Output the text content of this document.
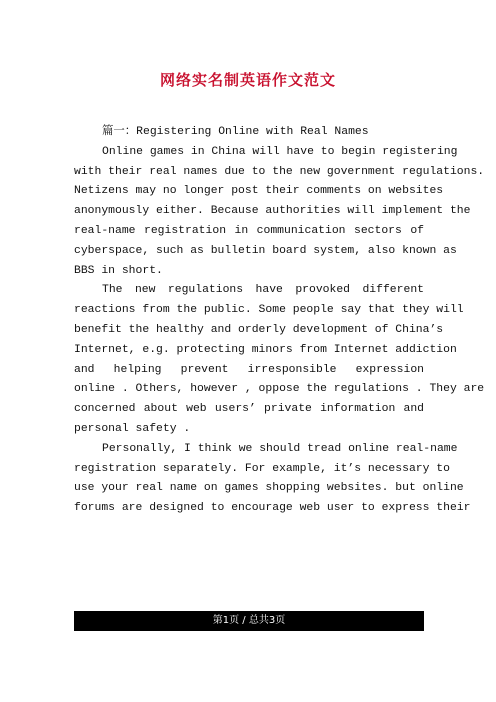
网络实名制英语作文范文
篇一：Registering Online with Real Names

Online games in China will have to begin registering
with their real names due to the new government regulations.
Netizens may no longer post their comments on websites
anonymously either. Because authorities will implement the
real-name registration in communication sectors of
cyberspace, such as bulletin board system, also known as
BBS in short.

The new regulations have provoked different
reactions from the public. Some people say that they will
benefit the healthy and orderly development of China’s
Internet, e.g. protecting minors from Internet addiction
and helping prevent irresponsible expression
online . Others, however , oppose the regulations . They are
concerned about web users’ private information and
personal safety .

Personally, I think we should tread online real-name
registration separately. For example, it’s necessary to
use your real name on games shopping websites. but online
forums are designed to encourage web user to express their

第1页 / 总共3页
